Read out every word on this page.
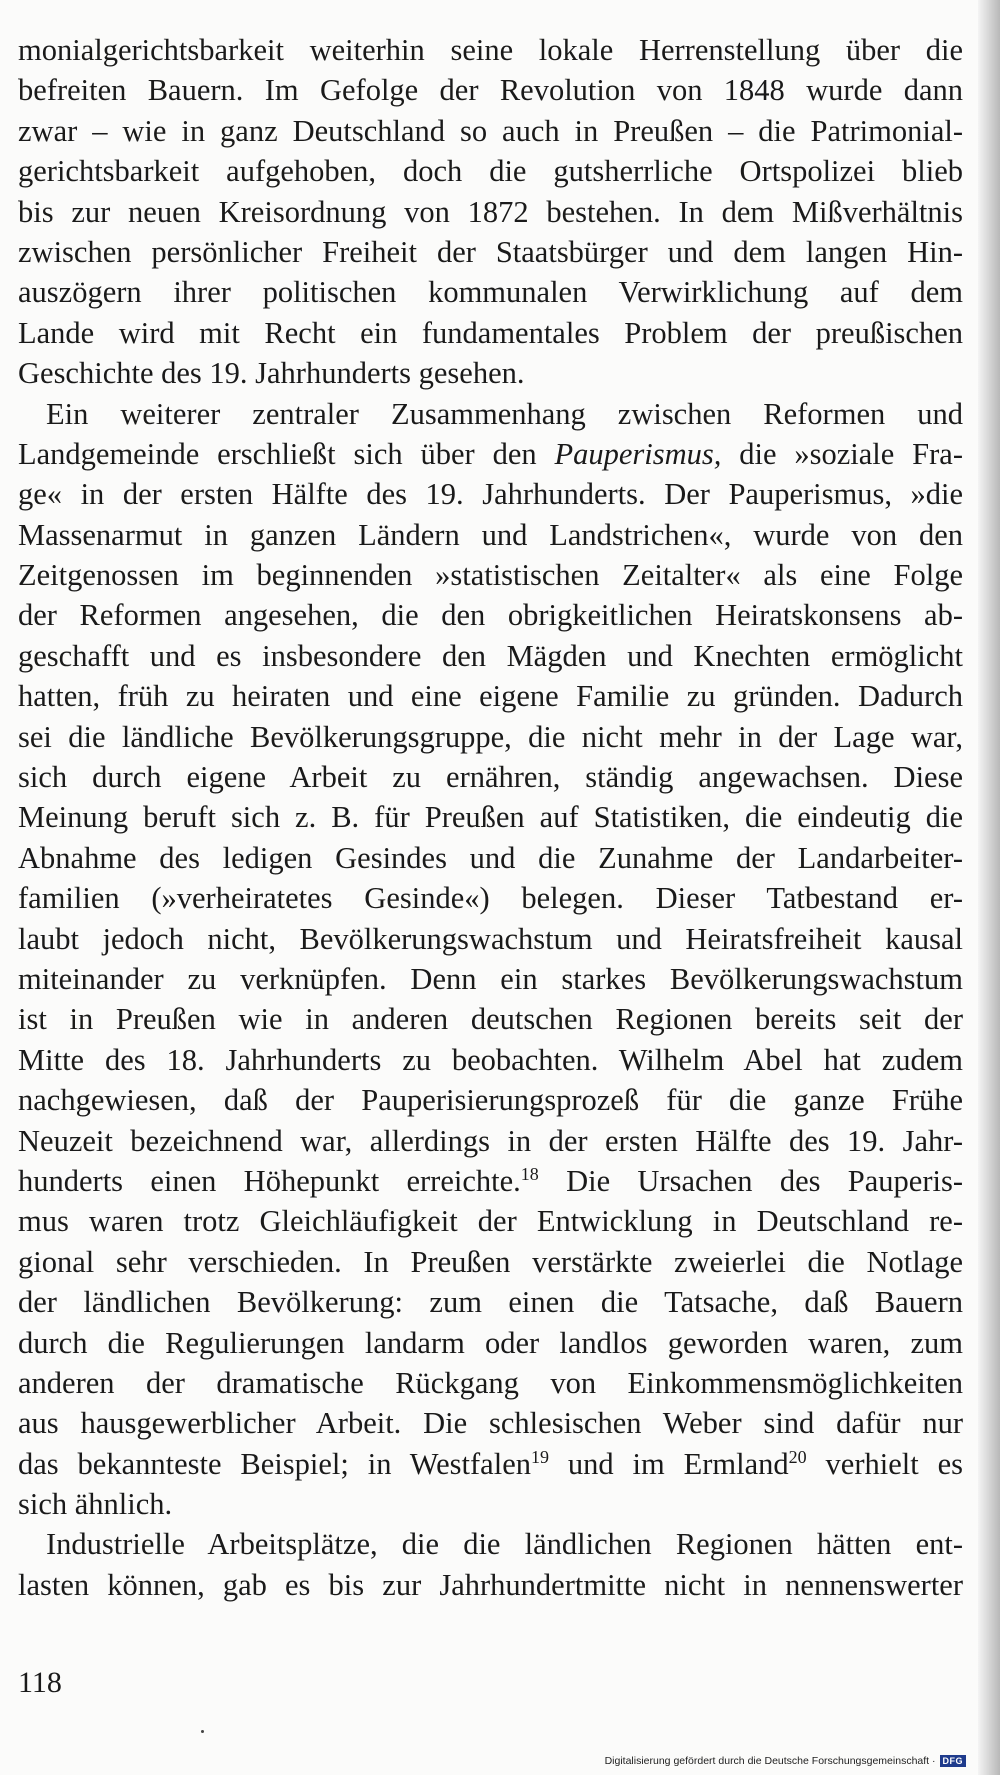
monialgerichtsbarkeit weiterhin seine lokale Herrenstellung über die
befreiten Bauern. Im Gefolge der Revolution von 1848 wurde dann
zwar – wie in ganz Deutschland so auch in Preußen – die Patrimonial-
gerichtsbarkeit aufgehoben, doch die gutsherrliche Ortspolizei blieb
bis zur neuen Kreisordnung von 1872 bestehen. In dem Mißverhältnis
zwischen persönlicher Freiheit der Staatsbürger und dem langen Hin-
auszögern ihrer politischen kommunalen Verwirklichung auf dem
Lande wird mit Recht ein fundamentales Problem der preußischen
Geschichte des 19. Jahrhunderts gesehen.
Ein weiterer zentraler Zusammenhang zwischen Reformen und
Landgemeinde erschließt sich über den Pauperismus, die »soziale Fra-
ge« in der ersten Hälfte des 19. Jahrhunderts. Der Pauperismus, »die
Massenarmut in ganzen Ländern und Landstrichen«, wurde von den
Zeitgenossen im beginnenden »statistischen Zeitalter« als eine Folge
der Reformen angesehen, die den obrigkeitlichen Heiratskonsens ab-
geschafft und es insbesondere den Mägden und Knechten ermöglicht
hatten, früh zu heiraten und eine eigene Familie zu gründen. Dadurch
sei die ländliche Bevölkerungsgruppe, die nicht mehr in der Lage war,
sich durch eigene Arbeit zu ernähren, ständig angewachsen. Diese
Meinung beruft sich z. B. für Preußen auf Statistiken, die eindeutig die
Abnahme des ledigen Gesindes und die Zunahme der Landarbeiter-
familien (»verheiratetes Gesinde«) belegen. Dieser Tatbestand er-
laubt jedoch nicht, Bevölkerungswachstum und Heiratsfreiheit kausal
miteinander zu verknüpfen. Denn ein starkes Bevölkerungswachstum
ist in Preußen wie in anderen deutschen Regionen bereits seit der
Mitte des 18. Jahrhunderts zu beobachten. Wilhelm Abel hat zudem
nachgewiesen, daß der Pauperisierungsprozeß für die ganze Frühe
Neuzeit bezeichnend war, allerdings in der ersten Hälfte des 19. Jahr-
hunderts einen Höhepunkt erreichte.$^{18}$ Die Ursachen des Pauperis-
mus waren trotz Gleichläufigkeit der Entwicklung in Deutschland re-
gional sehr verschieden. In Preußen verstärkte zweierlei die Notlage
der ländlichen Bevölkerung: zum einen die Tatsache, daß Bauern
durch die Regulierungen landarm oder landlos geworden waren, zum
anderen der dramatische Rückgang von Einkommensmöglichkeiten
aus hausgewerblicher Arbeit. Die schlesischen Weber sind dafür nur
das bekannteste Beispiel; in Westfalen$^{19}$ und im Ermland$^{20}$ verhielt es
sich ähnlich.
Industrielle Arbeitsplätze, die die ländlichen Regionen hätten ent-
lasten können, gab es bis zur Jahrhundertmitte nicht in nennenswerter
118
Digitalisierung gefördert durch die Deutsche Forschungsgemeinschaft · DFG
